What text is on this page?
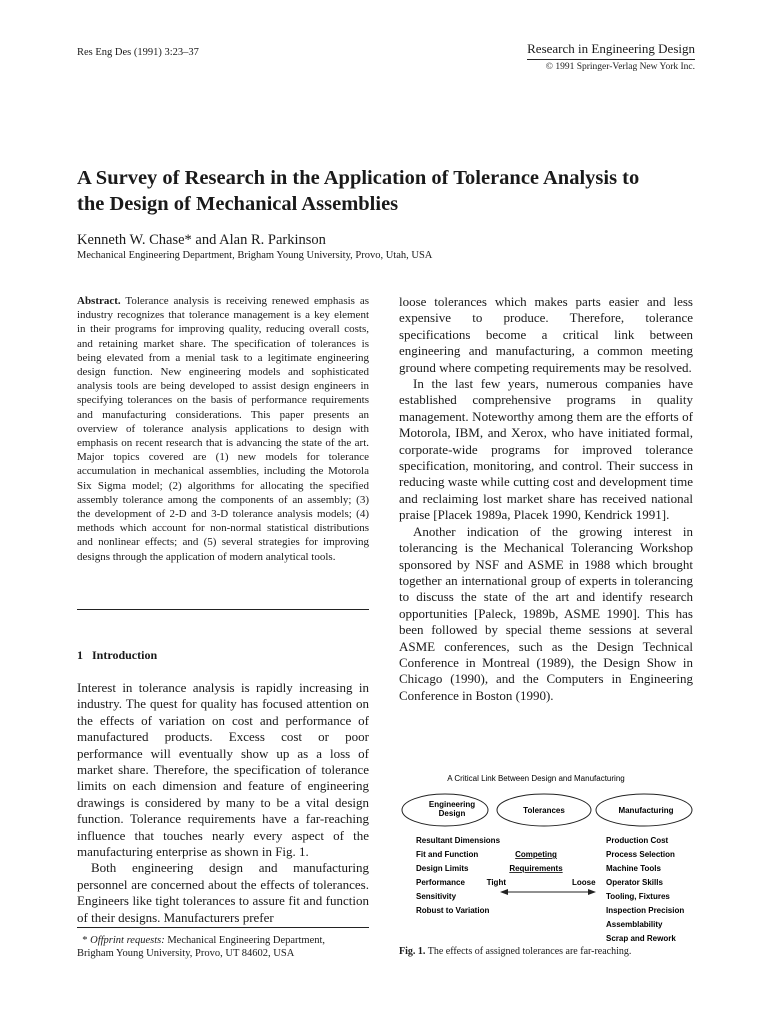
Res Eng Des (1991) 3:23–37	Research in Engineering Design
© 1991 Springer-Verlag New York Inc.
A Survey of Research in the Application of Tolerance Analysis to
the Design of Mechanical Assemblies
Kenneth W. Chase* and Alan R. Parkinson
Mechanical Engineering Department, Brigham Young University, Provo, Utah, USA

Abstract. Tolerance analysis is receiving renewed emphasis as industry recognizes that tolerance management is a key element in their programs for improving quality, reducing overall costs, and retaining market share. The specification of tolerances is being elevated from a menial task to a legitimate engineering design function. New engineering models and sophisticated analysis tools are being developed to assist design engineers in specifying tolerances on the basis of performance requirements and manufacturing considerations. This paper presents an overview of tolerance analysis applications to design with emphasis on recent research that is advancing the state of the art. Major topics covered are (1) new models for tolerance accumulation in mechanical assemblies, including the Motorola Six Sigma model; (2) algorithms for allocating the specified assembly tolerance among the components of an assembly; (3) the development of 2-D and 3-D tolerance analysis models; (4) methods which account for non-normal statistical distributions and nonlinear effects; and (5) several strategies for improving designs through the application of modern analytical tools.

1 Introduction

Interest in tolerance analysis is rapidly increasing in industry. The quest for quality has focused attention on the effects of variation on cost and performance of manufactured products. Excess cost or poor performance will eventually show up as a loss of market share. Therefore, the specification of tolerance limits on each dimension and feature of engineering drawings is considered by many to be a vital design function. Tolerance requirements have a far-reaching influence that touches nearly every aspect of the manufacturing enterprise as shown in Fig. 1.

Both engineering design and manufacturing personnel are concerned about the effects of tolerances. Engineers like tight tolerances to assure fit and function of their designs. Manufacturers prefer

* Offprint requests: Mechanical Engineering Department,
Brigham Young University, Provo, UT 84602, USA

loose tolerances which makes parts easier and less expensive to produce. Therefore, tolerance specifications become a critical link between engineering and manufacturing, a common meeting ground where competing requirements may be resolved.

In the last few years, numerous companies have established comprehensive programs in quality management. Noteworthy among them are the efforts of Motorola, IBM, and Xerox, who have initiated formal, corporate-wide programs for improved tolerance specification, monitoring, and control. Their success in reducing waste while cutting cost and development time and reclaiming lost market share has received national praise [Placek 1989a, Placek 1990, Kendrick 1991].

Another indication of the growing interest in tolerancing is the Mechanical Tolerancing Workshop sponsored by NSF and ASME in 1988 which brought together an international group of experts in tolerancing to discuss the state of the art and identify research opportunities [Paleck, 1989b, ASME 1990]. This has been followed by special theme sessions at several ASME conferences, such as the Design Technical Conference in Montreal (1989), the Design Show in Chicago (1990), and the Computers in Engineering Conference in Boston (1990).

A Critical Link Between Design and Manufacturing
Engineering
Design	Tolerances	Manufacturing
Resultant Dimensions
Fit and Function
Design Limits
Performance
Sensitivity
Robust to Variation
Competing
Requirements
Tight	Loose
Production Cost
Process Selection
Machine Tools
Operator Skills
Tooling, Fixtures
Inspection Precision
Assemblability
Scrap and Rework
Fig. 1. The effects of assigned tolerances are far-reaching.
